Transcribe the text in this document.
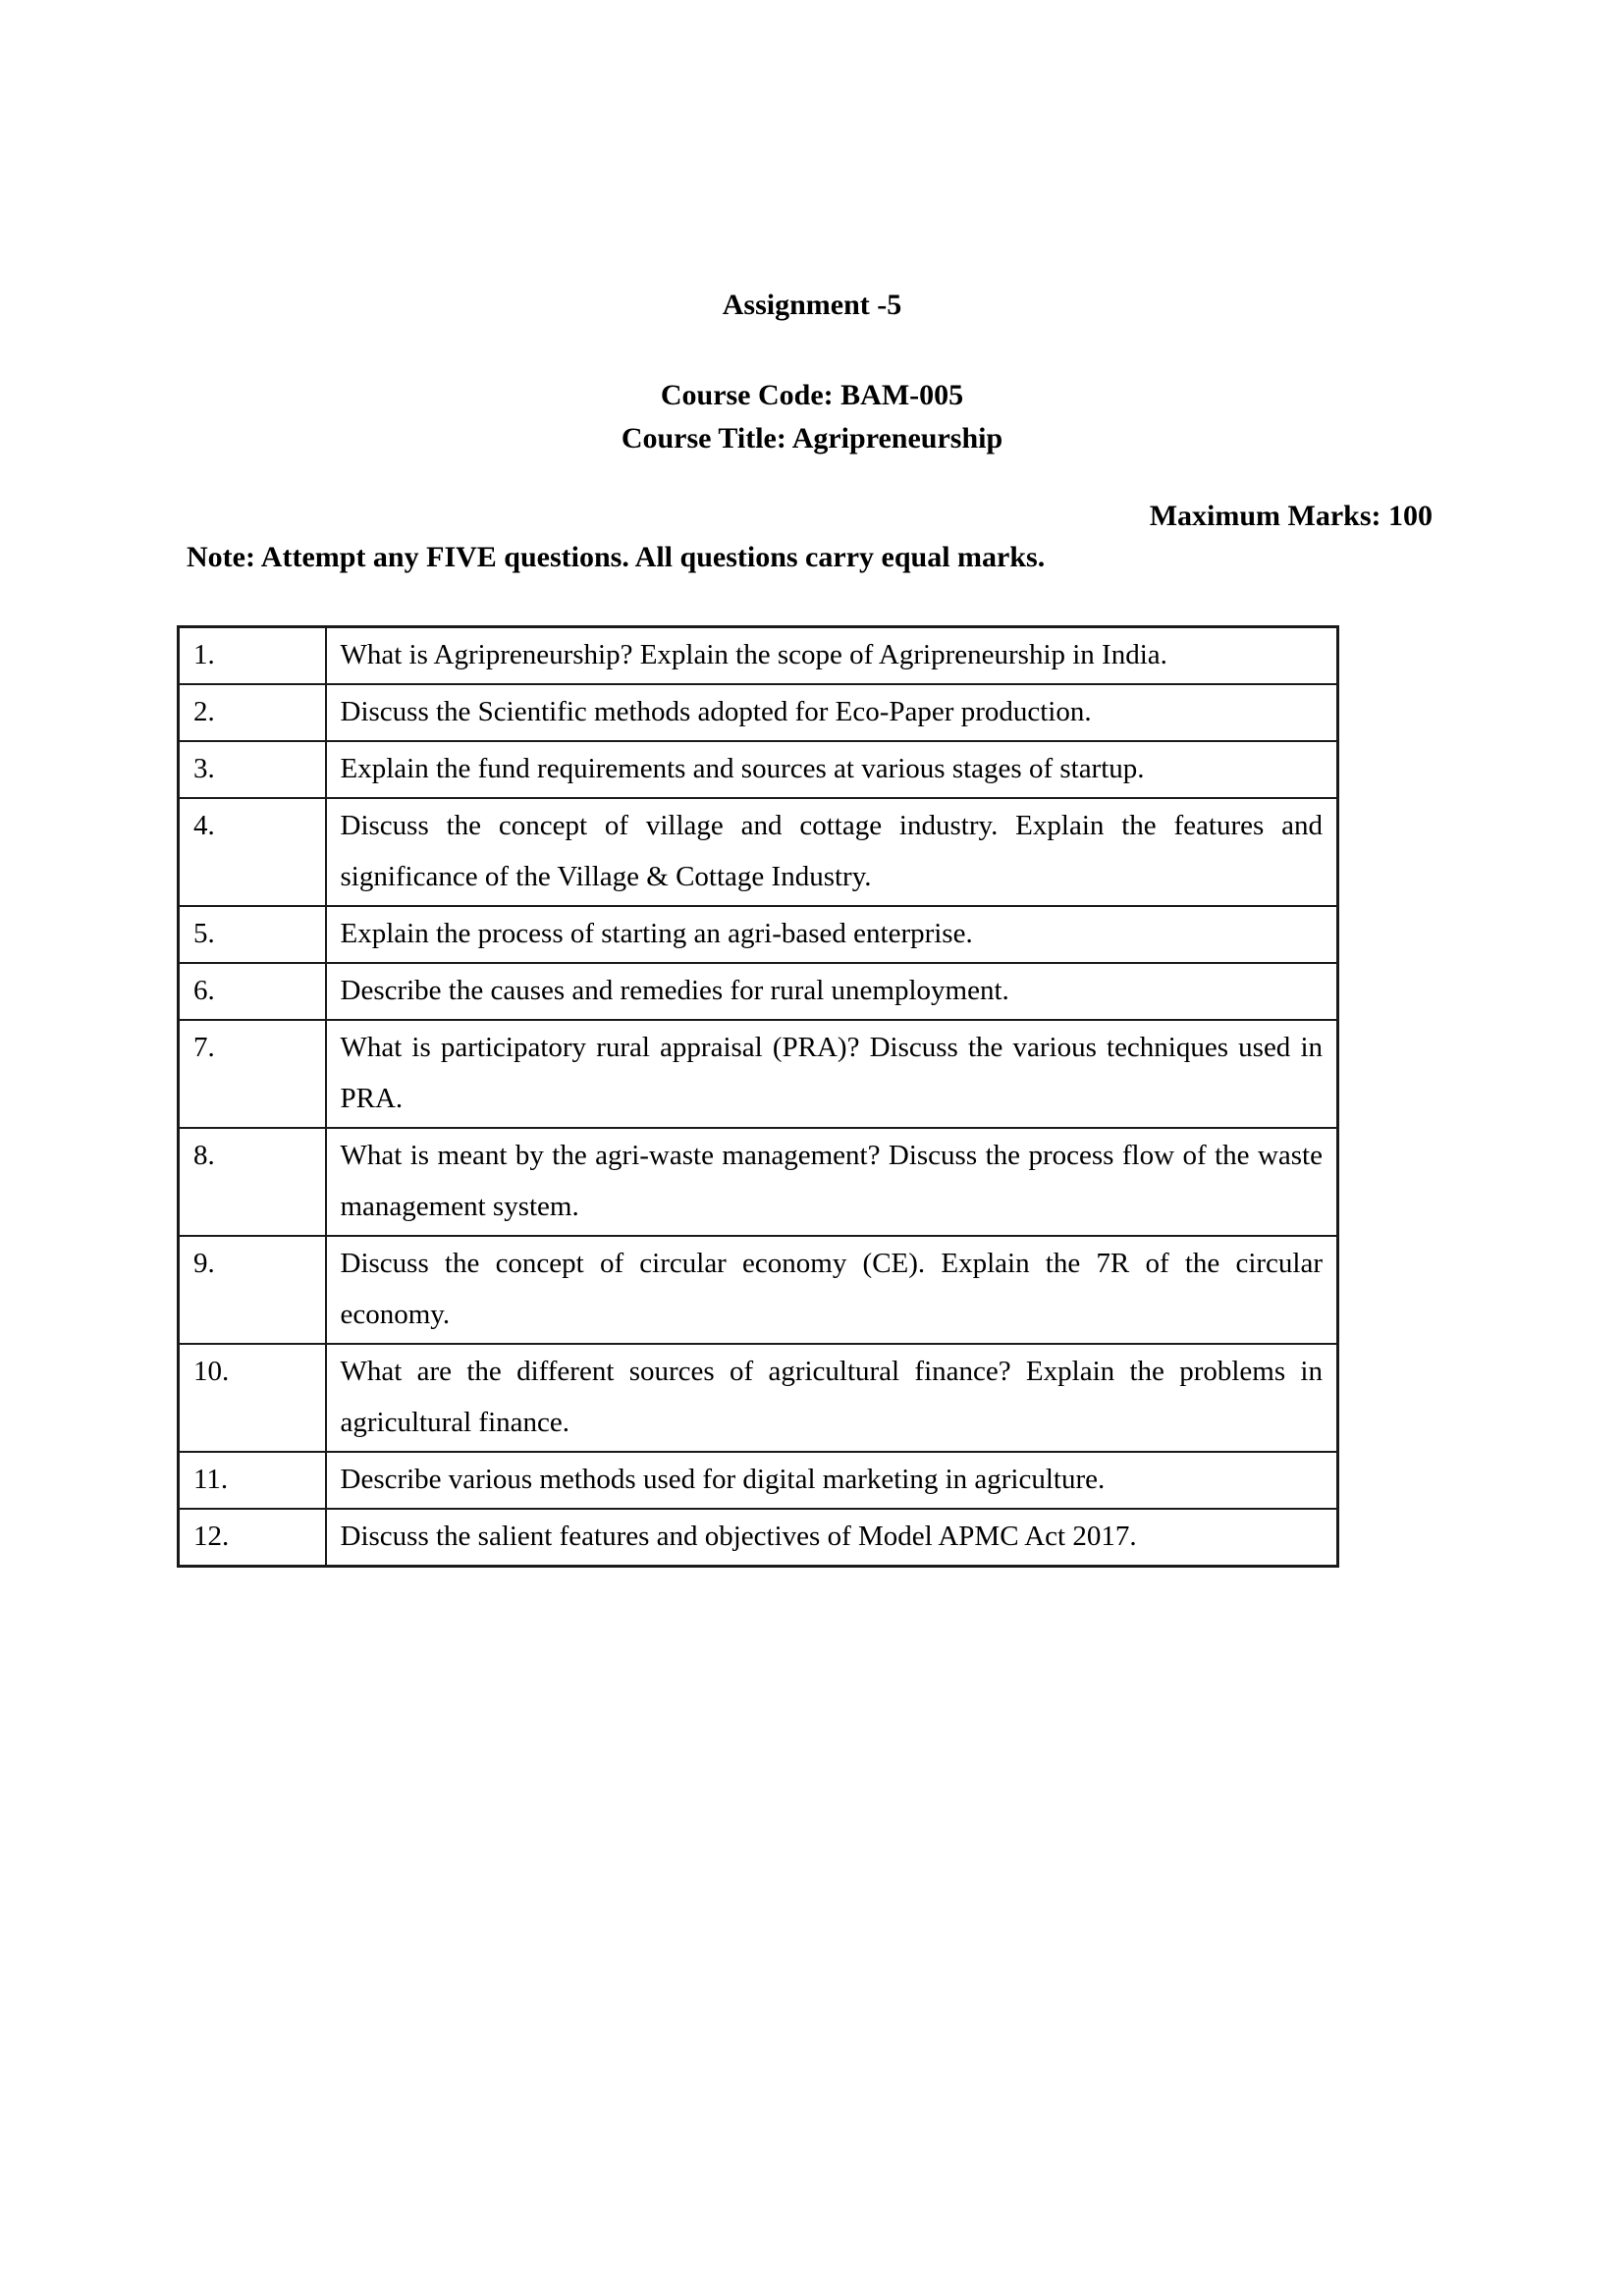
Assignment -5
Course Code: BAM-005
Course Title: Agripreneurship
Maximum Marks: 100
Note: Attempt any FIVE questions. All questions carry equal marks.
1.	What is Agripreneurship? Explain the scope of Agripreneurship in India.
2.	Discuss the Scientific methods adopted for Eco-Paper production.
3.	Explain the fund requirements and sources at various stages of startup.
4.	Discuss the concept of village and cottage industry. Explain the features and significance of the Village & Cottage Industry.
5.	Explain the process of starting an agri-based enterprise.
6.	Describe the causes and remedies for rural unemployment.
7.	What is participatory rural appraisal (PRA)? Discuss the various techniques used in PRA.
8.	What is meant by the agri-waste management? Discuss the process flow of the waste management system.
9.	Discuss the concept of circular economy (CE). Explain the 7R of the circular economy.
10.	What are the different sources of agricultural finance? Explain the problems in agricultural finance.
11.	Describe various methods used for digital marketing in agriculture.
12.	Discuss the salient features and objectives of Model APMC Act 2017.
